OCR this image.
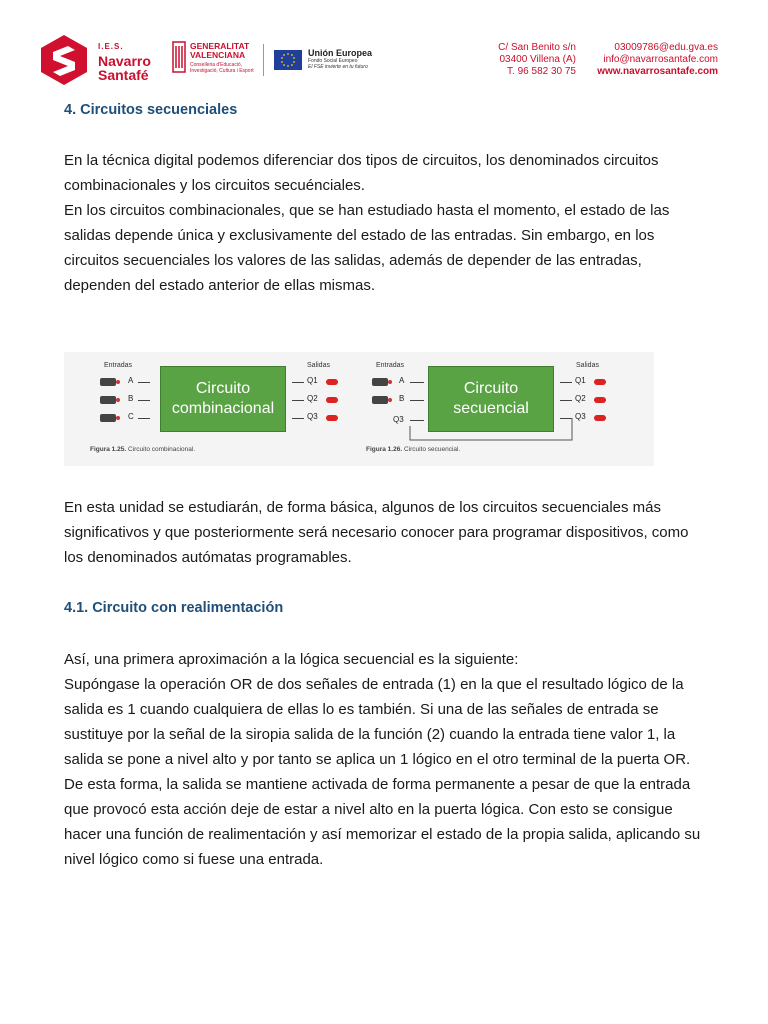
I.E.S.
Navarro
Santafé
GENERALITAT
VALENCIANA
Conselleria d'Educació, Investigació, Cultura i Esport
Unión Europea
Fondo Social Europeo
El FSE invierte en tu futuro
C/ San Benito s/n
03400 Villena (A)
T. 96 582 30 75
03009786@edu.gva.es
info@navarrosantafe.com
www.navarrosantafe.com
4. Circuitos secuenciales
En la técnica digital podemos diferenciar dos tipos de circuitos, los denominados circuitos
combinacionales y los circuitos secuénciales.
En los circuitos combinacionales, que se han estudiado hasta el momento, el estado de las
salidas depende única y exclusivamente del estado de las entradas. Sin embargo, en los
circuitos secuenciales los valores de las salidas, además de depender de las entradas,
dependen del estado anterior de ellas mismas.
Entradas	Salidas
A
B
C
Circuito
combinacional
Q1
Q2
Q3
Figura 1.25. Circuito combinacional.
Entradas	Salidas
A
B
Q3
Circuito
secuencial
Q1
Q2
Q3
Figura 1.26. Circuito secuencial.
En esta unidad se estudiarán, de forma básica, algunos de los circuitos secuenciales más
significativos y que posteriormente será necesario conocer para programar dispositivos, como
los denominados autómatas programables.
4.1. Circuito con realimentación
Así, una primera aproximación a la lógica secuencial es la siguiente:
Supóngase la operación OR de dos señales de entrada (1) en la que el resultado lógico de la
salida es 1 cuando cualquiera de ellas lo es también. Si una de las señales de entrada se
sustituye por la señal de la siropia salida de la función (2) cuando la entrada tiene valor 1, la
salida se pone a nivel alto y por tanto se aplica un 1 lógico en el otro terminal de la puerta OR.
De esta forma, la salida se mantiene activada de forma permanente a pesar de que la entrada
que provocó esta acción deje de estar a nivel alto en la puerta lógica. Con esto se consigue
hacer una función de realimentación y así memorizar el estado de la propia salida, aplicando su
nivel lógico como si fuese una entrada.
